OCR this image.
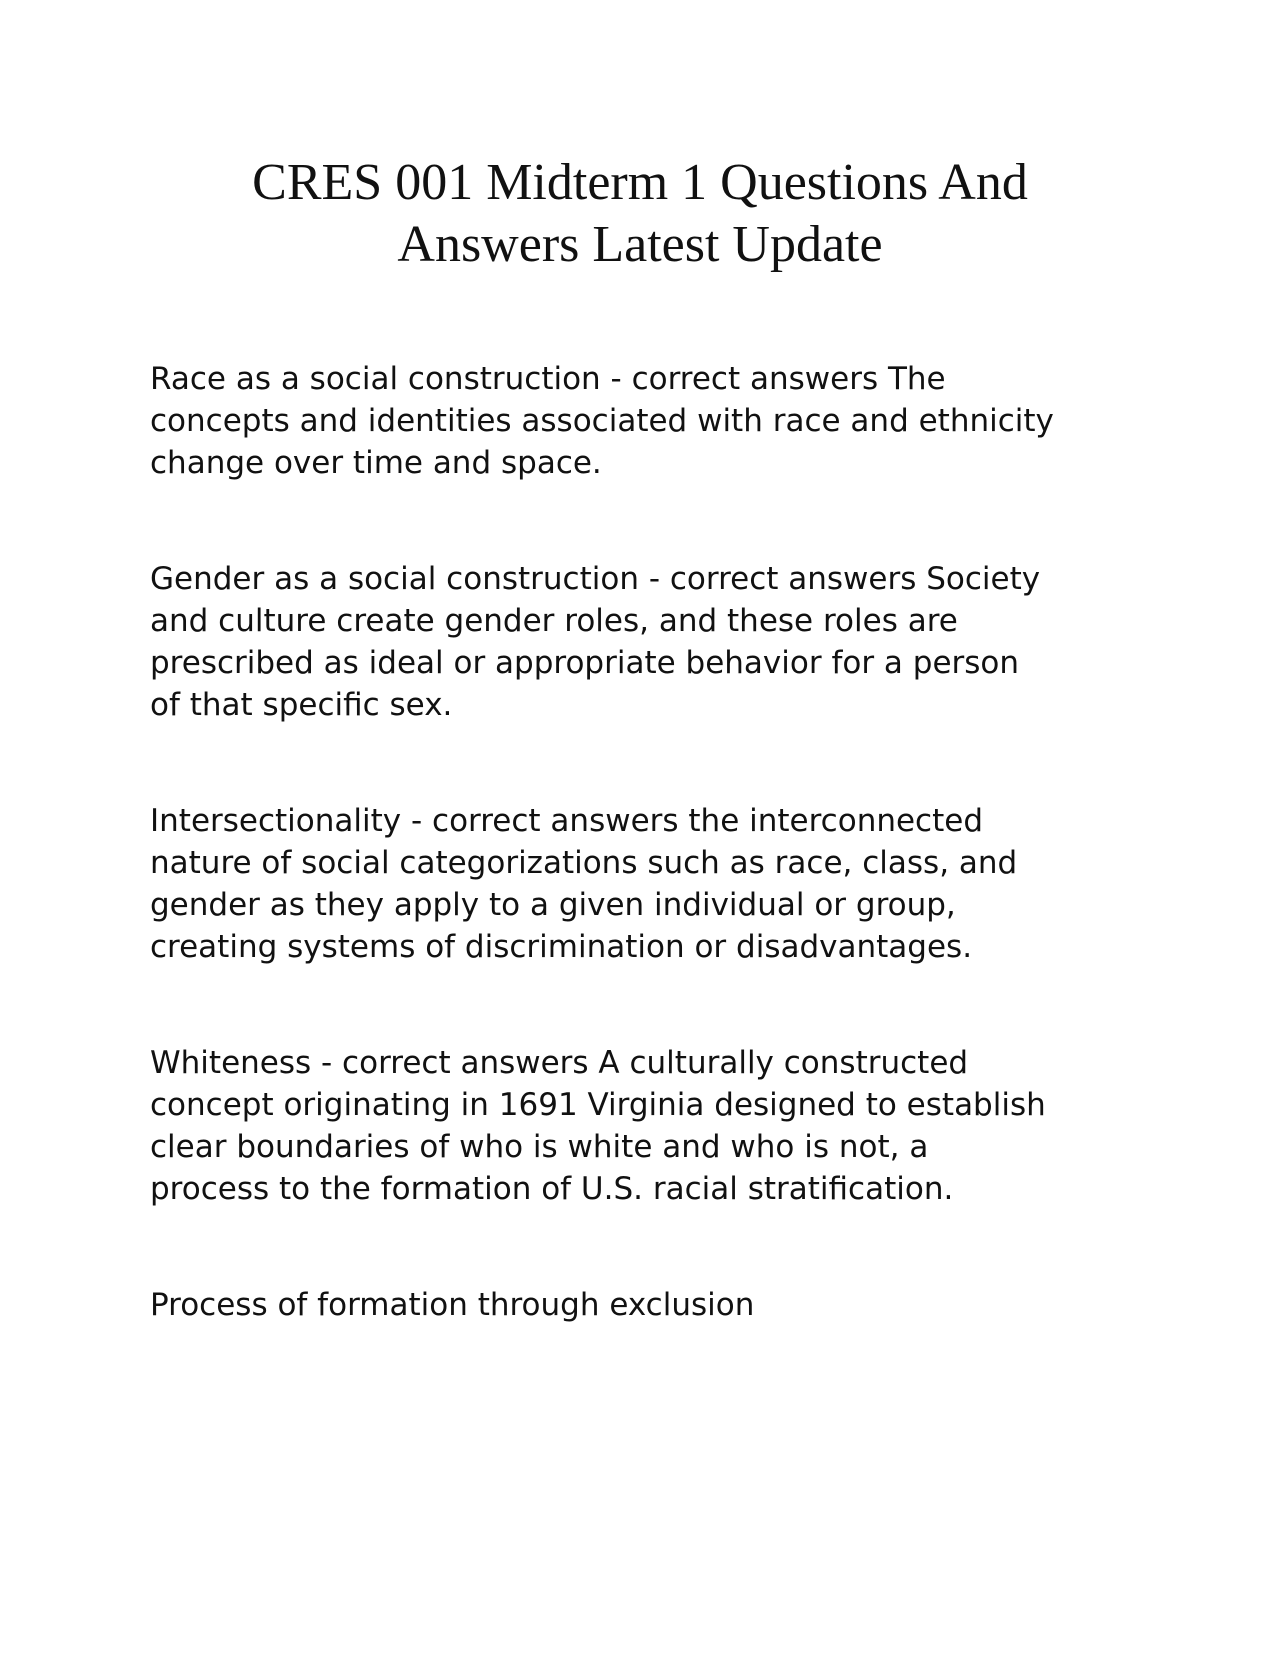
CRES 001 Midterm 1 Questions And
Answers Latest Update

Race as a social construction - correct answers The
concepts and identities associated with race and ethnicity
change over time and space.

Gender as a social construction - correct answers Society
and culture create gender roles, and these roles are
prescribed as ideal or appropriate behavior for a person
of that specific sex.

Intersectionality - correct answers the interconnected
nature of social categorizations such as race, class, and
gender as they apply to a given individual or group,
creating systems of discrimination or disadvantages.

Whiteness - correct answers A culturally constructed
concept originating in 1691 Virginia designed to establish
clear boundaries of who is white and who is not, a
process to the formation of U.S. racial stratification.

Process of formation through exclusion
